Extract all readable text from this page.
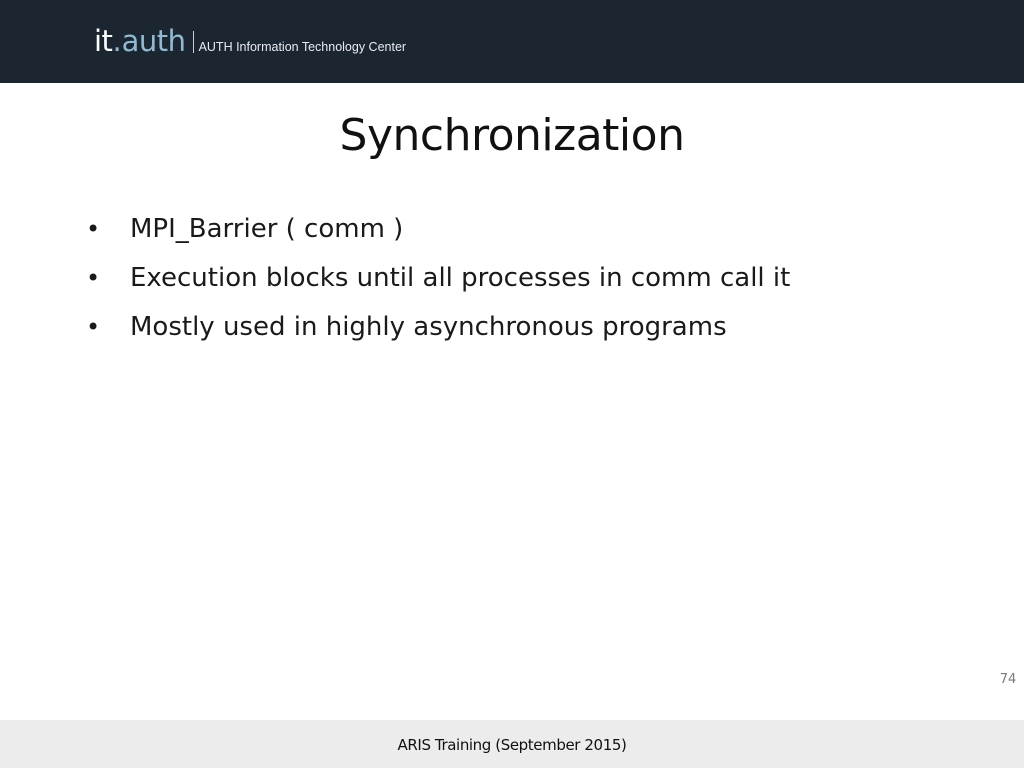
it . auth AUTH Information Technology Center
Synchronization
•	MPI_Barrier ( comm )
•	Execution blocks until all processes in comm call it
•	Mostly used in highly asynchronous programs
74
ARIS Training (September 2015)
